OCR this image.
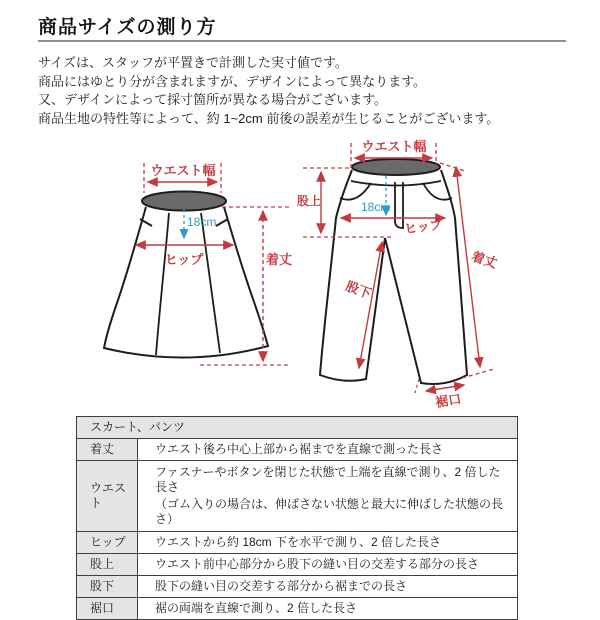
商品サイズの測り方
サイズは、スタッフが平置きで計測した実寸値です。
商品にはゆとり分が含まれますが、デザインによって異なります。
又、デザインによって採寸箇所が異なる場合がございます。
商品生地の特性等によって、約 1~2cm 前後の誤差が生じることがございます。
ウエスト幅
18cm
ヒップ	着丈
ウエスト幅
股上	18cm
ヒップ
股下
着丈
裾口
スカート、パンツ	
着丈	ウエスト後ろ中心上部から裾までを直線で測った長さ
ウエスト	ファスナーやボタンを閉じた状態で上端を直線で測り、2 倍した長さ
（ゴム入りの場合は、伸ばさない状態と最大に伸ばした状態の長さ）

ヒップ	ウエストから約 18cm 下を水平で測り、2 倍した長さ
股上	ウエスト前中心部分から股下の縫い目の交差する部分の長さ
股下	股下の縫い目の交差する部分から裾までの長さ
裾口	裾の両端を直線で測り、2 倍した長さ
